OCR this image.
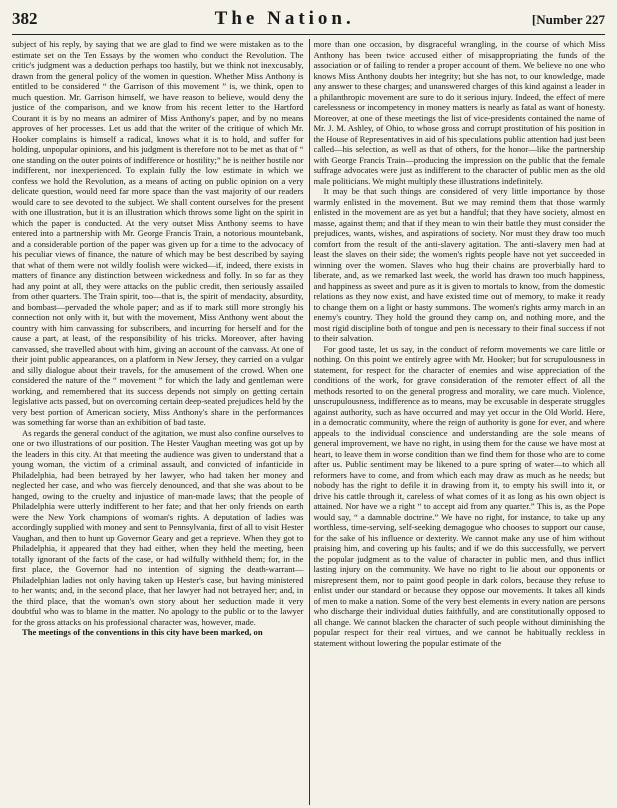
382	The Nation.	[Number 227

subject of his reply, by saying that we are glad to find we were mistaken as to the estimate set on the Ten Essays by the women who conduct the Revolution. The critic's judgment was a deduction perhaps too hastily, but we think not inexcusably, drawn from the general policy of the women in question. Whether Miss Anthony is entitled to be considered “ the Garrison of this movement ” is, we think, open to much question. Mr. Garrison himself, we have reason to believe, would deny the justice of the comparison, and we know from his recent letter to the Hartford Courant it is by no means an admirer of Miss Anthony's paper, and by no means approves of her processes. Let us add that the writer of the critique of which Mr. Hooker complains is himself a radical, knows what it is to hold, and suffer for holding, unpopular opinions, and his judgment is therefore not to be met as that of “ one standing on the outer points of indifference or hostility;” he is neither hostile nor indifferent, nor inexperienced. To explain fully the low estimate in which we confess we hold the Revolution, as a means of acting on public opinion on a very delicate question, would need far more space than the vast majority of our readers would care to see devoted to the subject. We shall content ourselves for the present with one illustration, but it is an illustration which throws some light on the spirit in which the paper is conducted. At the very outset Miss Anthony seems to have entered into a partnership with Mr. George Francis Train, a notorious mountebank, and a considerable portion of the paper was given up for a time to the advocacy of his peculiar views of finance, the nature of which may be best described by saying that what of them were not wildly foolish were wicked—if, indeed, there exists in matters of finance any distinction between wickedness and folly. In so far as they had any point at all, they were attacks on the public credit, then seriously assailed from other quarters. The Train spirit, too—that is, the spirit of mendacity, absurdity, and bombast—pervaded the whole paper; and as if to mark still more strongly his connection not only with it, but with the movement, Miss Anthony went about the country with him canvassing for subscribers, and incurring for herself and for the cause a part, at least, of the responsibility of his tricks. Moreover, after having canvassed, she travelled about with him, giving an account of the canvass. At one of their joint public appearances, on a platform in New Jersey, they carried on a vulgar and silly dialogue about their travels, for the amusement of the crowd. When one considered the nature of the “ movement ” for which the lady and gentleman were working, and remembered that its success depends not simply on getting certain legislative acts passed, but on overcoming certain deep-seated prejudices held by the very best portion of American society, Miss Anthony's share in the performances was something far worse than an exhibition of bad taste.

As regards the general conduct of the agitation, we must also confine ourselves to one or two illustrations of our position. The Hester Vaughan meeting was got up by the leaders in this city. At that meeting the audience was given to understand that a young woman, the victim of a criminal assault, and convicted of infanticide in Philadelphia, had been betrayed by her lawyer, who had taken her money and neglected her case, and who was fiercely denounced, and that she was about to be hanged, owing to the cruelty and injustice of man-made laws; that the people of Philadelphia were utterly indifferent to her fate; and that her only friends on earth were the New York champions of woman's rights. A deputation of ladies was accordingly supplied with money and sent to Pennsylvania, first of all to visit Hester Vaughan, and then to hunt up Governor Geary and get a reprieve. When they got to Philadelphia, it appeared that they had either, when they held the meeting, been totally ignorant of the facts of the case, or had wilfully withheld them; for, in the first place, the Governor had no intention of signing the death-warrant—Philadelphian ladies not only having taken up Hester's case, but having ministered to her wants; and, in the second place, that her lawyer had not betrayed her; and, in the third place, that the woman's own story about her seduction made it very doubtful who was to blame in the matter. No apology to the public or to the lawyer for the gross attacks on his professional character was, however, made.

The meetings of the conventions in this city have been marked, on

more than one occasion, by disgraceful wrangling, in the course of which Miss Anthony has been twice accused either of misappropriating the funds of the association or of failing to render a proper account of them. We believe no one who knows Miss Anthony doubts her integrity; but she has not, to our knowledge, made any answer to these charges; and unanswered charges of this kind against a leader in a philanthropic movement are sure to do it serious injury. Indeed, the effect of mere carelessness or incompetency in money matters is nearly as fatal as want of honesty. Moreover, at one of these meetings the list of vice-presidents contained the name of Mr. J. M. Ashley, of Ohio, to whose gross and corrupt prostitution of his position in the House of Representatives in aid of his speculations public attention had just been called—his selection, as well as that of others, for the honor—like the partnership with George Francis Train—producing the impression on the public that the female suffrage advocates were just as indifferent to the character of public men as the old male politicians. We might multiply these illustrations indefinitely.

It may be that such things are considered of very little importance by those warmly enlisted in the movement. But we may remind them that those warmly enlisted in the movement are as yet but a handful; that they have society, almost en masse, against them; and that if they mean to win their battle they must consider the prejudices, wants, wishes, and aspirations of society. Nor must they draw too much comfort from the result of the anti-slavery agitation. The anti-slavery men had at least the slaves on their side; the women's rights people have not yet succeeded in winning over the women. Slaves who hug their chains are proverbially hard to liberate, and, as we remarked last week, the world has drawn too much happiness, and happiness as sweet and pure as it is given to mortals to know, from the domestic relations as they now exist, and have existed time out of memory, to make it ready to change them on a light or hasty summons. The women's rights army march in an enemy's country. They hold the ground they camp on, and nothing more, and the most rigid discipline both of tongue and pen is necessary to their final success if not to their salvation.

For good taste, let us say, in the conduct of reform movements we care little or nothing. On this point we entirely agree with Mr. Hooker; but for scrupulousness in statement, for respect for the character of enemies and wise appreciation of the conditions of the work, for grave consideration of the remoter effect of all the methods resorted to on the general progress and morality, we care much. Violence, unscrupulousness, indifference as to means, may be excusable in desperate struggles against authority, such as have occurred and may yet occur in the Old World. Here, in a democratic community, where the reign of authority is gone for ever, and where appeals to the individual conscience and understanding are the sole means of general improvement, we have no right, in using them for the cause we have most at heart, to leave them in worse condition than we find them for those who are to come after us. Public sentiment may be likened to a pure spring of water—to which all reformers have to come, and from which each may draw as much as he needs; but nobody has the right to defile it in drawing from it, to empty his swill into it, or drive his cattle through it, careless of what comes of it as long as his own object is attained. Nor have we a right “ to accept aid from any quarter.” This is, as the Pope would say, “ a damnable doctrine.” We have no right, for instance, to take up any worthless, time-serving, self-seeking demagogue who chooses to support our cause, for the sake of his influence or dexterity. We cannot make any use of him without praising him, and covering up his faults; and if we do this successfully, we pervert the popular judgment as to the value of character in public men, and thus inflict lasting injury on the community. We have no right to lie about our opponents or misrepresent them, nor to paint good people in dark colors, because they refuse to enlist under our standard or because they oppose our movements. It takes all kinds of men to make a nation. Some of the very best elements in every nation are persons who discharge their individual duties faithfully, and are constitutionally opposed to all change. We cannot blacken the character of such people without diminishing the popular respect for their real virtues, and we cannot be habitually reckless in statement without lowering the popular estimate of the
